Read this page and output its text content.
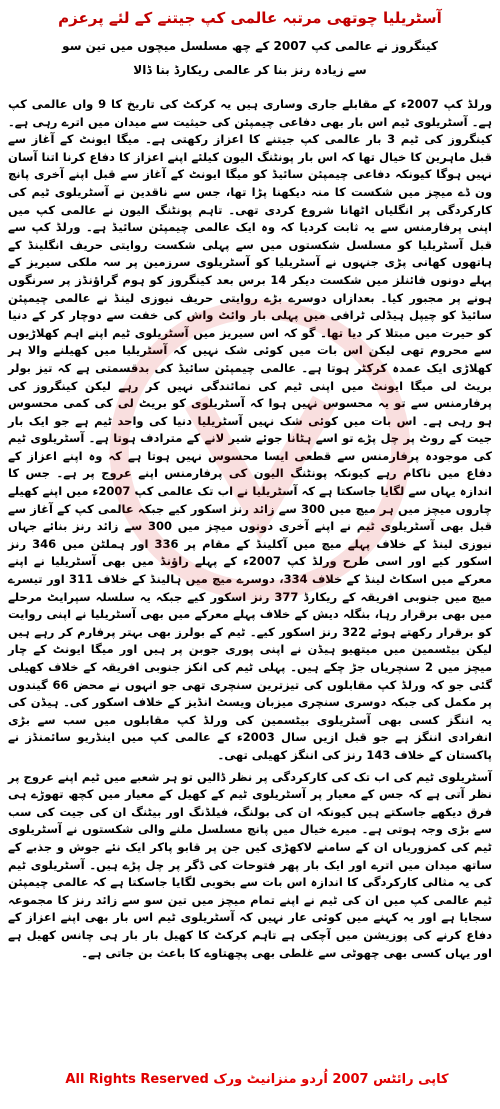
آسٹریلیا چوتھی مرتبہ عالمی کپ جیتنے کے لئے پرعزم
کینگروز نے عالمی کپ 2007 کے چھ مسلسل میچوں میں تین سو
سے زیادہ رنز بنا کر عالمی ریکارڈ بنا ڈالا

ورلڈ کپ 2007ء کے مقابلے جاری وساری ہیں یہ کرکٹ کی تاریخ کا 9 واں عالمی کپ ہے۔ آسٹریلوی ٹیم اس بار بھی دفاعی چیمپئن کی حیثیت سے میدان میں اترے رہی ہے۔ کینگروز کی ٹیم 3 بار عالمی کپ جیتنے کا اعزاز رکھتی ہے۔ میگا ایونٹ کے آغاز سے قبل ماہرین کا خیال تھا کہ اس بار پونٹنگ الیون کیلئے اپنے اعزاز کا دفاع کرنا اتنا آسان نہیں ہوگا کیونکہ دفاعی چیمپئن سائیڈ کو میگا ایونٹ کے آغاز سے قبل اپنے آخری پانچ ون ڈے میچز میں شکست کا منہ دیکھنا پڑا تھا، جس سے ناقدین نے آسٹریلوی ٹیم کی کارکردگی پر انگلیاں اٹھانا شروع کردی تھی۔ تاہم پونٹنگ الیون نے عالمی کپ میں اپنی پرفارمنس سے یہ ثابت کردیا کہ وہ ایک عالمی چیمپئن سائیڈ ہے۔ ورلڈ کپ سے قبل آسٹریلیا کو مسلسل شکستوں میں سے پہلی شکست روایتی حریف انگلینڈ کے ہاتھوں کھانی پڑی جنہوں نے آسٹریلیا کو آسٹریلوی سرزمین پر سہ ملکی سیریز کے پہلے دونوں فائنلز میں شکست دیکر 14 برس بعد کینگروز کو ہوم گراؤنڈز پر سرنگوں ہونے پر مجبور کیا۔ بعدازاں دوسرے بڑے روایتی حریف نیوزی لینڈ نے عالمی چیمپئن سائیڈ کو چیپل ہیڈلی ٹرافی میں پہلی بار وائٹ واش کی خفت سے دوچار کر کے دنیا کو حیرت میں مبتلا کر دیا تھا۔ گو کہ اس سیریز میں آسٹریلوی ٹیم اپنے اہم کھلاڑیوں سے محروم تھی لیکن اس بات میں کوئی شک نہیں کہ آسٹریلیا میں کھیلنے والا ہر کھلاڑی ایک عمدہ کرکٹر ہوتا ہے۔ عالمی چیمپئن سائیڈ کی بدقسمتی ہے کہ تیز بولر بریٹ لی میگا ایونٹ میں اپنی ٹیم کی نمائندگی نہیں کر رہے لیکن کینگروز کی پرفارمنس سے تو یہ محسوس نہیں ہوا کہ آسٹریلوی کو بریٹ لی کی کمی محسوس ہو رہی ہے۔ اس بات میں کوئی شک نہیں آسٹریلیا دنیا کی واحد ٹیم ہے جو ایک بار جیت کے روٹ پر چل پڑے تو اسے ہٹانا جوئے شیر لانے کے مترادف ہوتا ہے۔ آسٹریلوی ٹیم کی موجودہ پرفارمنس سے قطعی ایسا محسوس نہیں ہوتا ہے کہ وہ اپنے اعزاز کے دفاع میں ناکام رہے کیونکہ پونٹنگ الیون کی پرفارمنس اپنے عروج پر ہے۔ جس کا اندازہ یہاں سے لگایا جاسکتا ہے کہ آسٹریلیا نے اب تک عالمی کپ 2007ء میں اپنے کھیلے چاروں میچز میں ہر میچ میں 300 سے زائد رنز اسکور کیے جبکہ عالمی کپ کے آغاز سے قبل بھی آسٹریلوی ٹیم نے اپنے آخری دونوں میچز میں 300 سے زائد رنز بنائے جہاں نیوزی لینڈ کے خلاف پہلے میچ میں آکلینڈ کے مقام پر 336 اور ہملٹن میں 346 رنز اسکور کیے اور اسی طرح ورلڈ کپ 2007ء کے پہلے راؤنڈ میں بھی آسٹریلیا نے اپنے معرکے میں اسکاٹ لینڈ کے خلاف 334، دوسرے میچ میں ہالینڈ کے خلاف 311 اور تیسرے میچ میں جنوبی افریقہ کے ریکارڈ 377 رنز اسکور کیے جبکہ یہ سلسلہ سپرایٹ مرحلے میں بھی برقرار رہا، بنگلہ دیش کے خلاف پہلے معرکے میں بھی آسٹریلیا نے اپنی روایت کو برقرار رکھتے ہوئے 322 رنز اسکور کیے۔ ٹیم کے بولرز بھی بہتر پرفارم کر رہے ہیں لیکن بیٹسمین میں میتھیو ہیڈن نے اپنی پوری جوبن پر ہیں اور میگا ایونٹ کے چار میچز میں 2 سنچریاں جڑ چکے ہیں۔ پہلی ٹیم کی انکز جنوبی افریقہ کے خلاف کھیلی گئی جو کہ ورلڈ کپ مقابلوں کی تیزترین سنچری تھی جو انہوں نے محض 66 گیندوں پر مکمل کی جبکہ دوسری سنچری میزبان ویسٹ انڈیز کے خلاف اسکور کی۔ ہیڈن کی یہ اننگز کسی بھی آسٹریلوی بیٹسمین کی ورلڈ کپ مقابلوں میں سب سے بڑی انفرادی اننگز ہے جو قبل ازیں سال 2003ء کے عالمی کپ میں اینڈریو سائمنڈز نے پاکستان کے خلاف 143 رنز کی اننگز کھیلی تھی۔

آسٹریلوی ٹیم کی اب تک کی کارکردگی پر نظر ڈالیں تو ہر شعبے میں ٹیم اپنے عروج پر نظر آتی ہے کہ جس کے معیار پر آسٹریلوی ٹیم کے کھیل کے معیار میں کچھ تھوڑے ہی فرق دیکھے جاسکتے ہیں کیونکہ ان کی بولنگ، فیلڈنگ اور بیٹنگ ان کی جیت کی سب سے بڑی وجہ ہوتی ہے۔ میرے خیال میں پانچ مسلسل ملنے والی شکستوں نے آسٹریلوی ٹیم کی کمزوریاں ان کے سامنے لاکھڑی کیں جن پر قابو پاکر ایک نئے جوش و جذبے کے ساتھ میدان میں اترے اور ایک بار پھر فتوحات کی ڈگر پر چل پڑے ہیں۔ آسٹریلوی ٹیم کی یہ مثالی کارکردگی کا اندازہ اس بات سے بخوبی لگایا جاسکتا ہے کہ عالمی چیمپئن ٹیم عالمی کپ میں ان کی ٹیم نے اپنے تمام میچز میں تین سو سے زائد رنز کا مجموعہ سجایا ہے اور یہ کہنے میں کوئی عار نہیں کہ آسٹریلوی ٹیم اس بار بھی اپنے اعزاز کے دفاع کرنے کی پوزیشن میں آچکی ہے تاہم کرکٹ کا کھیل بار بار ہی چانس کھیل ہے اور یہاں کسی بھی چھوٹی سے غلطی بھی پچھتاوے کا باعث بن جاتی ہے۔

All Rights Reserved کاپی رائٹس 2007 اُردو منزانیٹ ورک
